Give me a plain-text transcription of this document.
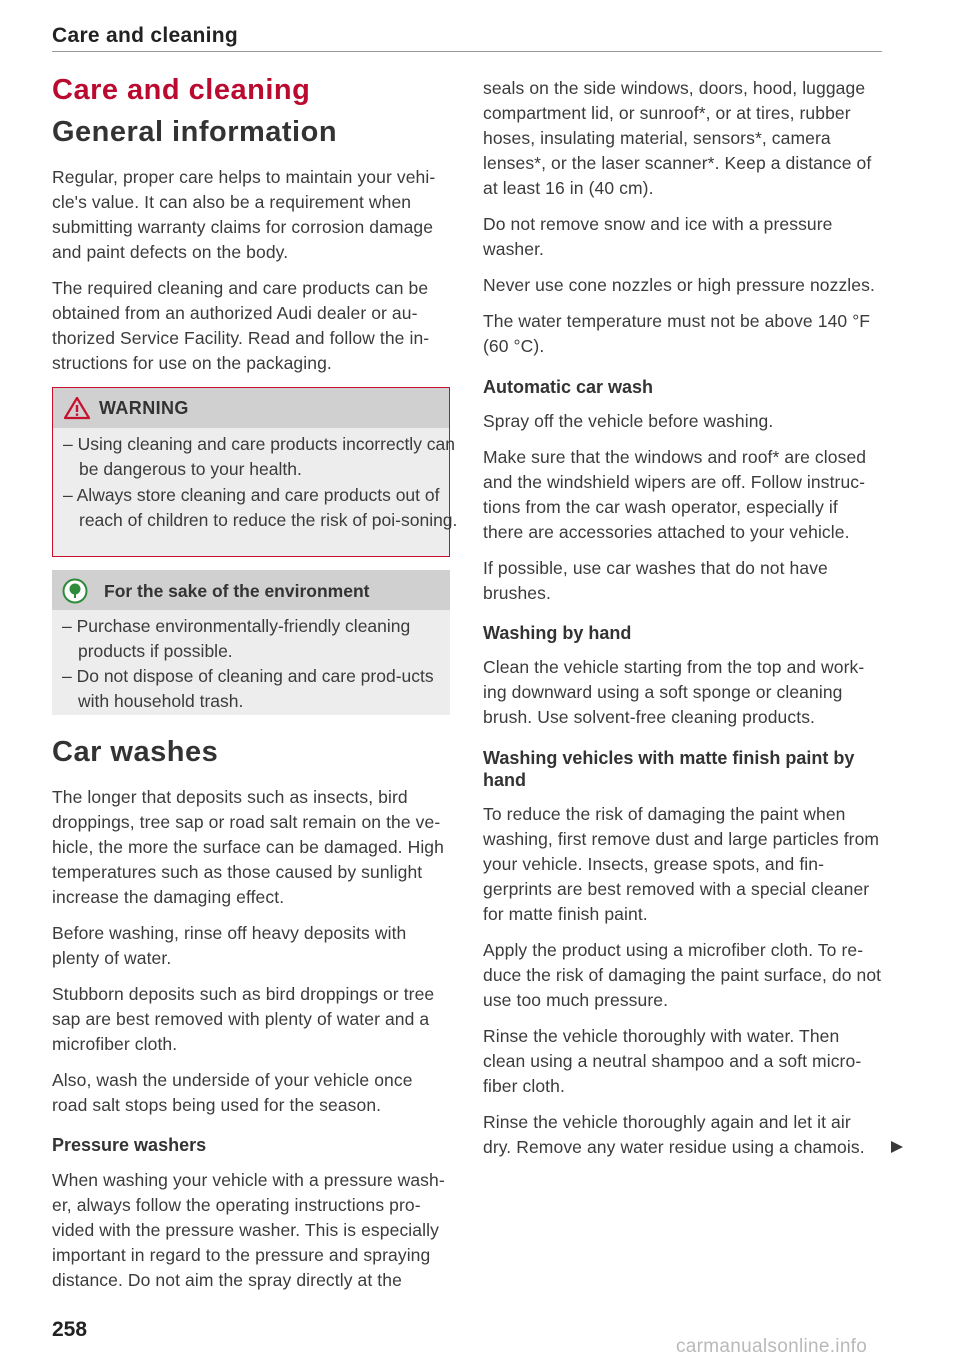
Care and cleaning
Care and cleaning
General information

Regular, proper care helps to maintain your vehi-cle's value. It can also be a requirement when submitting warranty claims for corrosion damage and paint defects on the body.

The required cleaning and care products can be obtained from an authorized Audi dealer or au-thorized Service Facility. Read and follow the in-structions for use on the packaging.

WARNING

– Using cleaning and care products incorrectly can be dangerous to your health.

– Always store cleaning and care products out of reach of children to reduce the risk of poi-soning.

For the sake of the environment

– Purchase environmentally-friendly cleaning products if possible.

– Do not dispose of cleaning and care prod-ucts with household trash.

Car washes

The longer that deposits such as insects, bird droppings, tree sap or road salt remain on the ve-hicle, the more the surface can be damaged. High temperatures such as those caused by sunlight increase the damaging effect.

Before washing, rinse off heavy deposits with plenty of water.

Stubborn deposits such as bird droppings or tree sap are best removed with plenty of water and a microfiber cloth.

Also, wash the underside of your vehicle once road salt stops being used for the season.

Pressure washers

When washing your vehicle with a pressure wash-er, always follow the operating instructions pro-vided with the pressure washer. This is especially important in regard to the pressure and spraying distance. Do not aim the spray directly at the

seals on the side windows, doors, hood, luggage compartment lid, or sunroof*, or at tires, rubber hoses, insulating material, sensors*, camera lenses*, or the laser scanner*. Keep a distance of at least 16 in (40 cm).

Do not remove snow and ice with a pressure washer.

Never use cone nozzles or high pressure nozzles.

The water temperature must not be above 140 °F (60 °C).

Automatic car wash

Spray off the vehicle before washing.

Make sure that the windows and roof* are closed and the windshield wipers are off. Follow instruc-tions from the car wash operator, especially if there are accessories attached to your vehicle.

If possible, use car washes that do not have brushes.

Washing by hand

Clean the vehicle starting from the top and work-ing downward using a soft sponge or cleaning brush. Use solvent-free cleaning products.

Washing vehicles with matte finish paint by hand

To reduce the risk of damaging the paint when washing, first remove dust and large particles from your vehicle. Insects, grease spots, and fin-gerprints are best removed with a special cleaner for matte finish paint.

Apply the product using a microfiber cloth. To re-duce the risk of damaging the paint surface, do not use too much pressure.

Rinse the vehicle thoroughly with water. Then clean using a neutral shampoo and a soft micro-fiber cloth.

Rinse the vehicle thoroughly again and let it air dry. Remove any water residue using a chamois.

258
carmanualsonline.info
